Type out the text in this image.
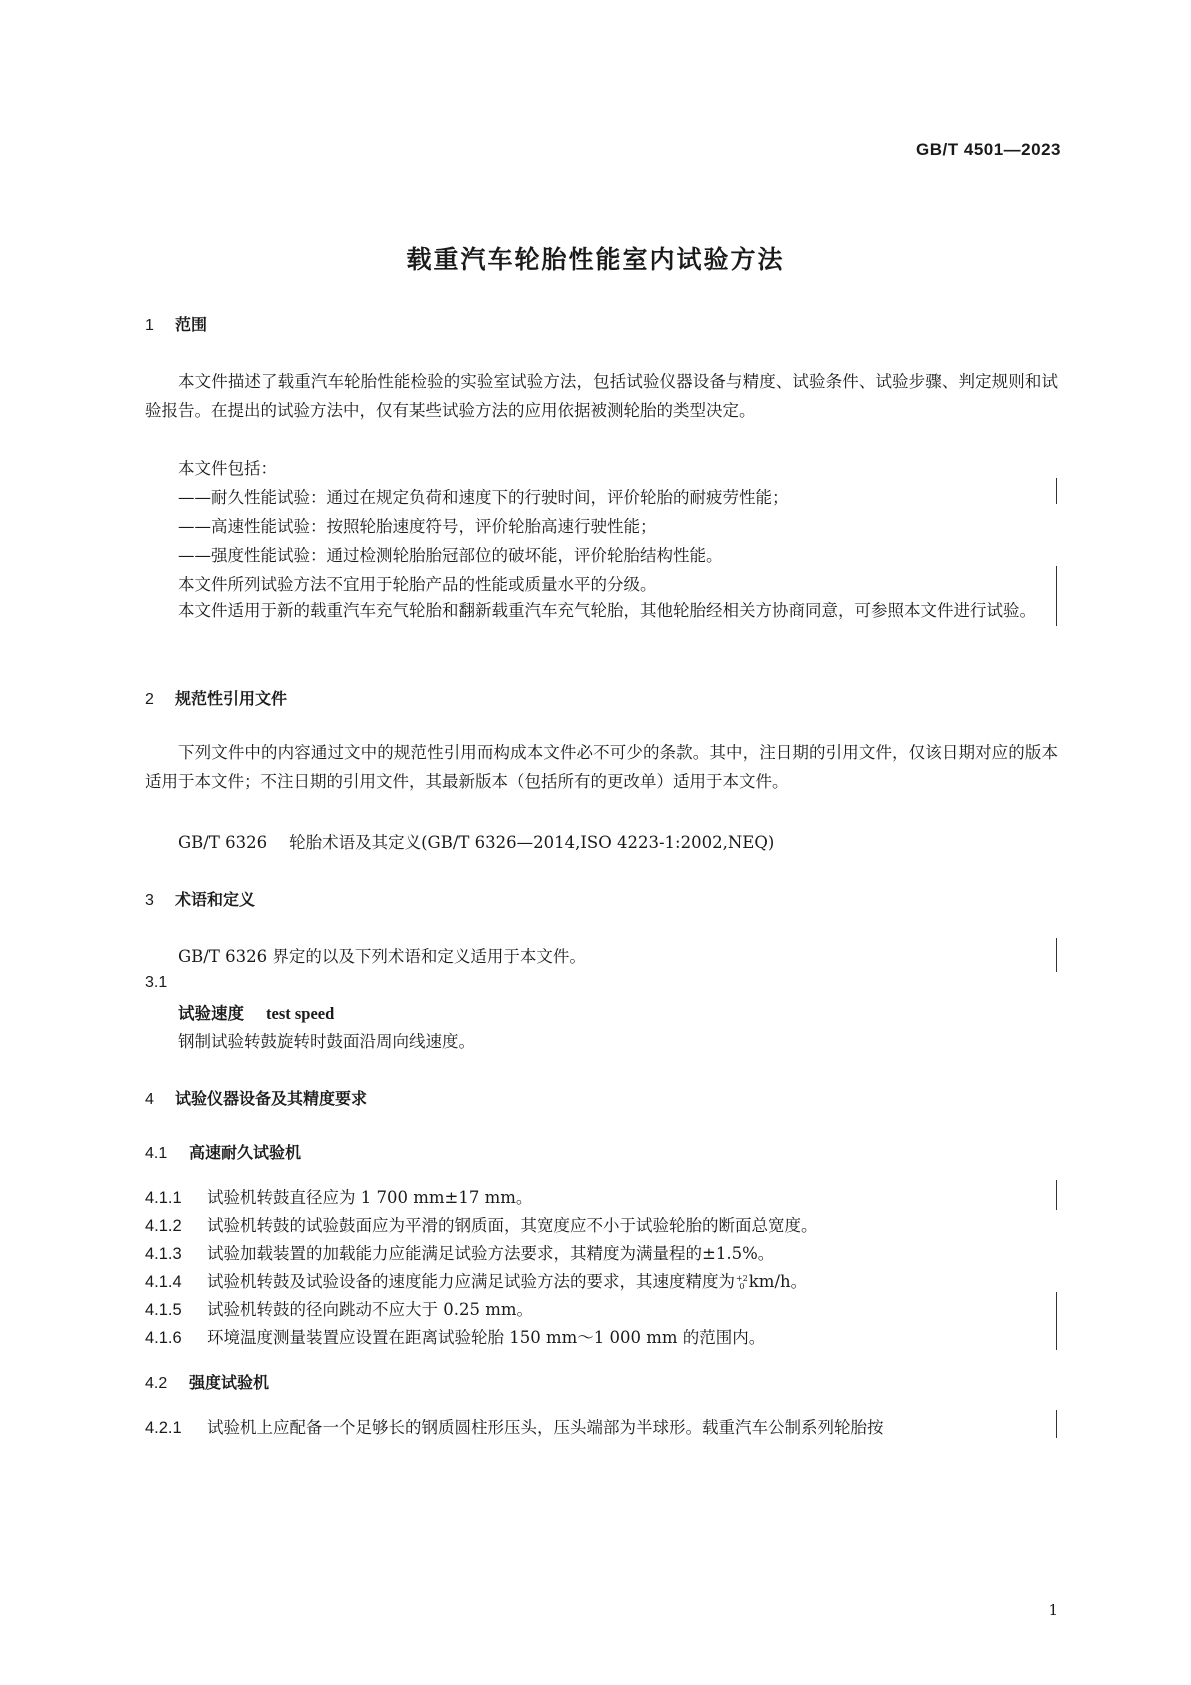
GB/T 4501—2023
载重汽车轮胎性能室内试验方法
1 范围
本文件描述了载重汽车轮胎性能检验的实验室试验方法，包括试验仪器设备与精度、试验条件、试验步骤、判定规则和试验报告。在提出的试验方法中，仅有某些试验方法的应用依据被测轮胎的类型决定。
本文件包括：
——耐久性能试验：通过在规定负荷和速度下的行驶时间，评价轮胎的耐疲劳性能；
——高速性能试验：按照轮胎速度符号，评价轮胎高速行驶性能；
——强度性能试验：通过检测轮胎胎冠部位的破坏能，评价轮胎结构性能。
本文件所列试验方法不宜用于轮胎产品的性能或质量水平的分级。
本文件适用于新的载重汽车充气轮胎和翻新载重汽车充气轮胎，其他轮胎经相关方协商同意，可参照本文件进行试验。
2 规范性引用文件
下列文件中的内容通过文中的规范性引用而构成本文件必不可少的条款。其中，注日期的引用文件，仅该日期对应的版本适用于本文件；不注日期的引用文件，其最新版本（包括所有的更改单）适用于本文件。
GB/T 6326 轮胎术语及其定义(GB/T 6326—2014,ISO 4223-1:2002,NEQ)
3 术语和定义
GB/T 6326 界定的以及下列术语和定义适用于本文件。
3.1
试验速度 test speed
钢制试验转鼓旋转时鼓面沿周向线速度。
4 试验仪器设备及其精度要求
4.1 高速耐久试验机
4.1.1 试验机转鼓直径应为 1 700 mm±17 mm。
4.1.2 试验机转鼓的试验鼓面应为平滑的钢质面，其宽度应不小于试验轮胎的断面总宽度。
4.1.3 试验加载装置的加载能力应能满足试验方法要求，其精度为满量程的±1.5%。
4.1.4 试验机转鼓及试验设备的速度能力应满足试验方法的要求，其速度精度为 +2
0 km/h。
4.1.5 试验机转鼓的径向跳动不应大于 0.25 mm。
4.1.6 环境温度测量装置应设置在距离试验轮胎 150 mm～1 000 mm 的范围内。
4.2 强度试验机
4.2.1 试验机上应配备一个足够长的钢质圆柱形压头，压头端部为半球形。载重汽车公制系列轮胎按
1
